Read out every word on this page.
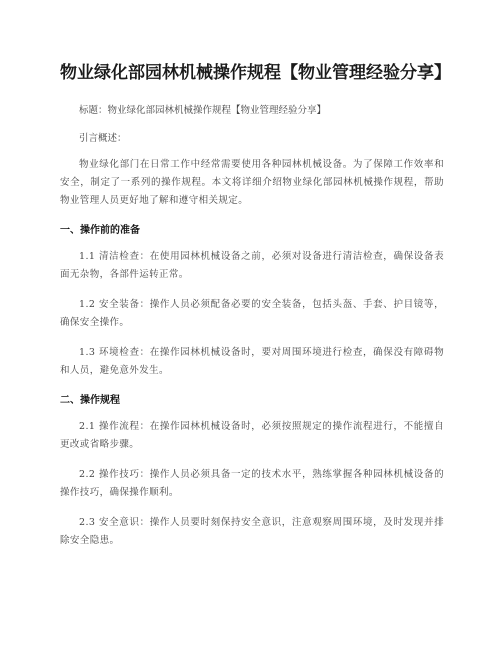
物业绿化部园林机械操作规程【物业管理经验分享】

标题：物业绿化部园林机械操作规程【物业管理经验分享】

引言概述：

物业绿化部门在日常工作中经常需要使用各种园林机械设备。为了保障工作效率和安全，制定了一系列的操作规程。本文将详细介绍物业绿化部园林机械操作规程，帮助物业管理人员更好地了解和遵守相关规定。

一、操作前的准备

1.1 清洁检查：在使用园林机械设备之前，必须对设备进行清洁检查，确保设备表面无杂物，各部件运转正常。

1.2 安全装备：操作人员必须配备必要的安全装备，包括头盔、手套、护目镜等，确保安全操作。

1.3 环境检查：在操作园林机械设备时，要对周围环境进行检查，确保没有障碍物和人员，避免意外发生。

二、操作规程

2.1 操作流程：在操作园林机械设备时，必须按照规定的操作流程进行，不能擅自更改或省略步骤。

2.2 操作技巧：操作人员必须具备一定的技术水平，熟练掌握各种园林机械设备的操作技巧，确保操作顺利。

2.3 安全意识：操作人员要时刻保持安全意识，注意观察周围环境，及时发现并排除安全隐患。
